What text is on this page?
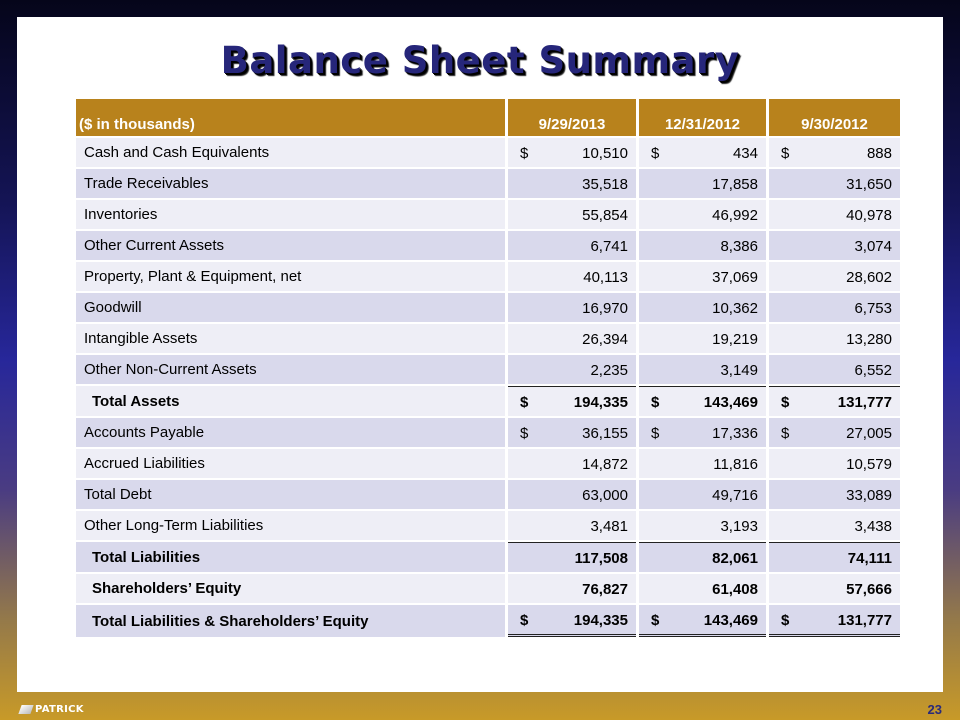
Balance Sheet Summary
($ in thousands)	9/29/2013	12/31/2012	9/30/2012
Cash and Cash Equivalents	$ 10,510	$ 434	$ 888

Trade Receivables	35,518	17,858	31,650

Inventories	55,854	46,992	40,978

Other Current Assets	6,741	8,386	3,074

Property, Plant & Equipment, net	40,113	37,069	28,602

Goodwill	16,970	10,362	6,753

Intangible Assets	26,394	19,219	13,280

Other Non-Current Assets	2,235	3,149	6,552

Total Assets	$ 194,335	$ 143,469	$ 131,777

Accounts Payable	$ 36,155	$ 17,336	$ 27,005

Accrued Liabilities	14,872	11,816	10,579

Total Debt	63,000	49,716	33,089

Other Long-Term Liabilities	3,481	3,193	3,438

Total Liabilities	117,508	82,061	74,111

Shareholders’ Equity	76,827	61,408	57,666

Total Liabilities & Shareholders’ Equity	$ 194,335	$ 143,469	$ 131,777
PATRICK	23
